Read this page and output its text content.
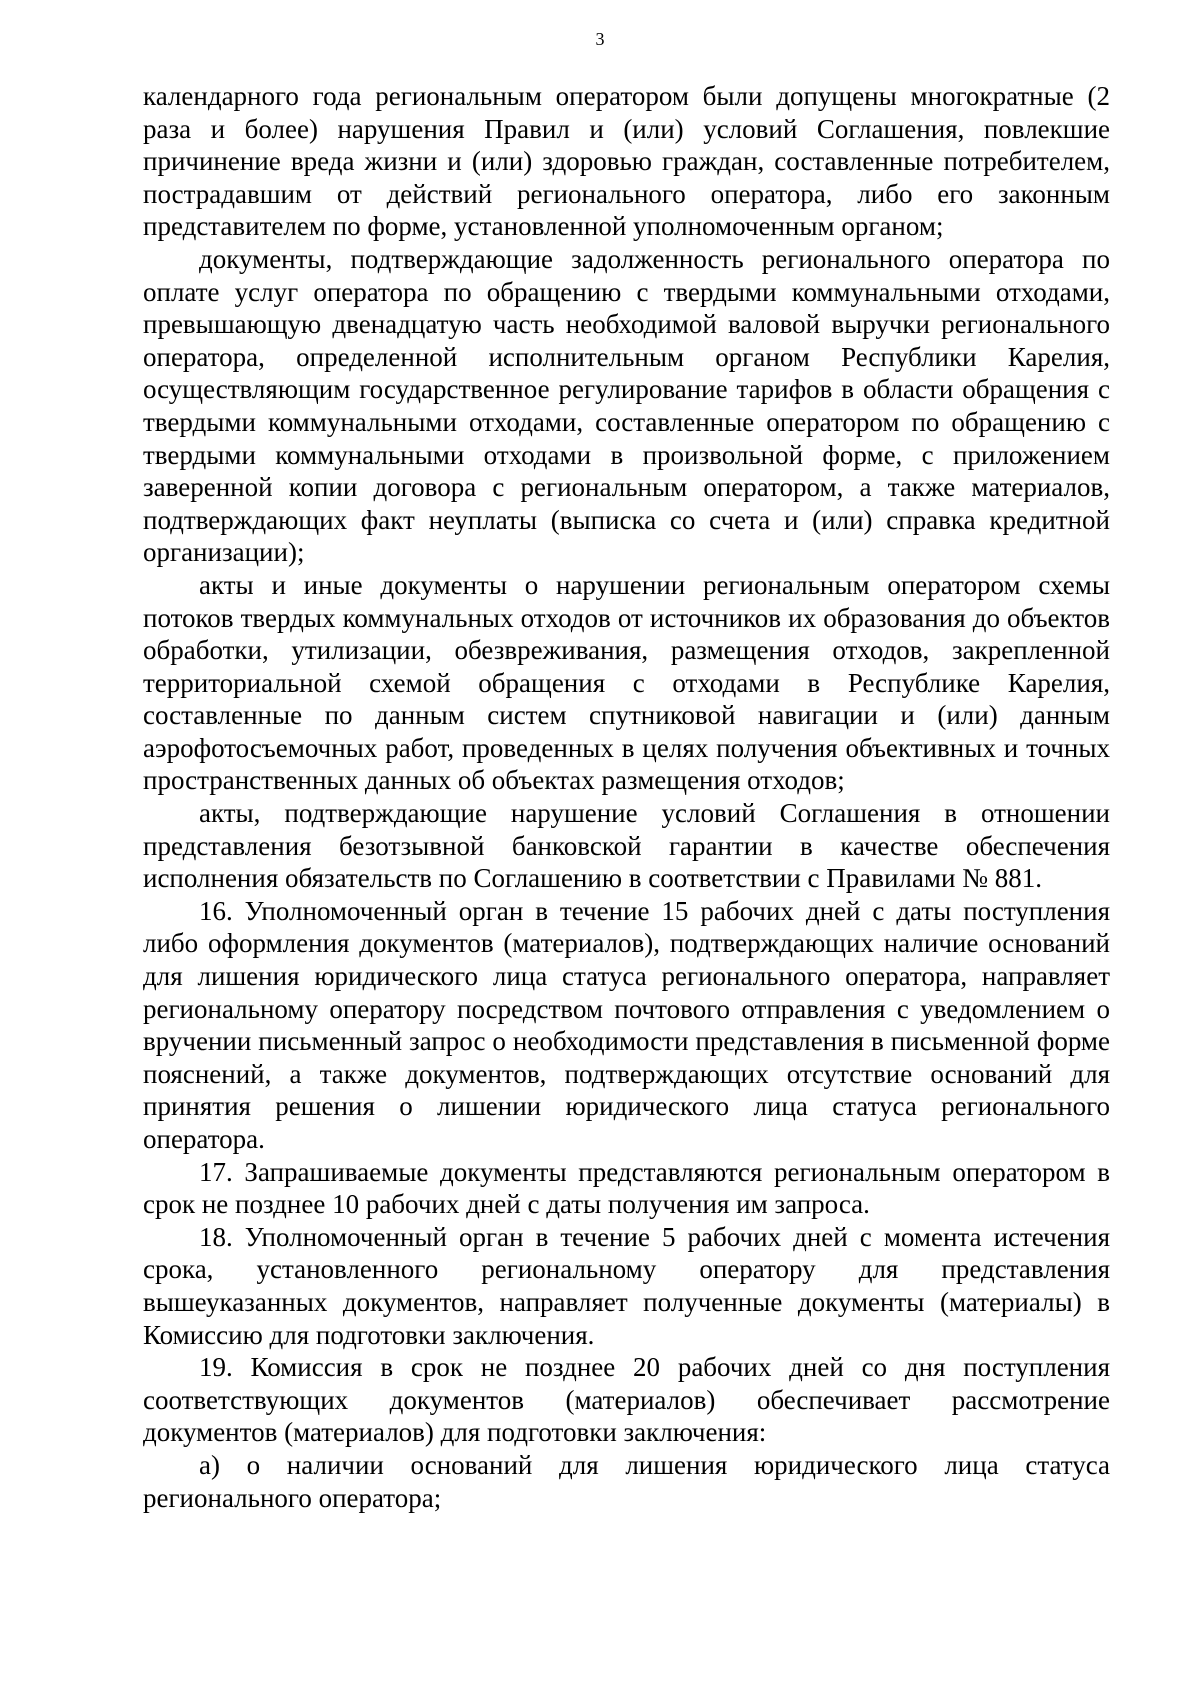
3

календарного года региональным оператором были допущены многократные (2 раза и более) нарушения Правил и (или) условий Соглашения, повлекшие причинение вреда жизни и (или) здоровью граждан, составленные потребителем, пострадавшим от действий регионального оператора, либо его законным представителем по форме, установленной уполномоченным органом;

документы, подтверждающие задолженность регионального оператора по оплате услуг оператора по обращению с твердыми коммунальными отходами, превышающую двенадцатую часть необходимой валовой выручки регионального оператора, определенной исполнительным органом Республики Карелия, осуществляющим государственное регулирование тарифов в области обращения с твердыми коммунальными отходами, составленные оператором по обращению с твердыми коммунальными отходами в произвольной форме, с приложением заверенной копии договора с региональным оператором, а также материалов, подтверждающих факт неуплаты (выписка со счета и (или) справка кредитной организации);

акты и иные документы о нарушении региональным оператором схемы потоков твердых коммунальных отходов от источников их образования до объектов обработки, утилизации, обезвреживания, размещения отходов, закрепленной территориальной схемой обращения с отходами в Республике Карелия, составленные по данным систем спутниковой навигации и (или) данным аэрофотосъемочных работ, проведенных в целях получения объективных и точных пространственных данных об объектах размещения отходов;

акты, подтверждающие нарушение условий Соглашения в отношении представления безотзывной банковской гарантии в качестве обеспечения исполнения обязательств по Соглашению в соответствии с Правилами № 881.

16. Уполномоченный орган в течение 15 рабочих дней с даты поступления либо оформления документов (материалов), подтверждающих наличие оснований для лишения юридического лица статуса регионального оператора, направляет региональному оператору посредством почтового отправления с уведомлением о вручении письменный запрос о необходимости представления в письменной форме пояснений, а также документов, подтверждающих отсутствие оснований для принятия решения о лишении юридического лица статуса регионального оператора.

17. Запрашиваемые документы представляются региональным оператором в срок не позднее 10 рабочих дней с даты получения им запроса.

18. Уполномоченный орган в течение 5 рабочих дней с момента истечения срока, установленного региональному оператору для представления вышеуказанных документов, направляет полученные документы (материалы) в Комиссию для подготовки заключения.

19. Комиссия в срок не позднее 20 рабочих дней со дня поступления соответствующих документов (материалов) обеспечивает рассмотрение документов (материалов) для подготовки заключения:

а) о наличии оснований для лишения юридического лица статуса регионального оператора;
